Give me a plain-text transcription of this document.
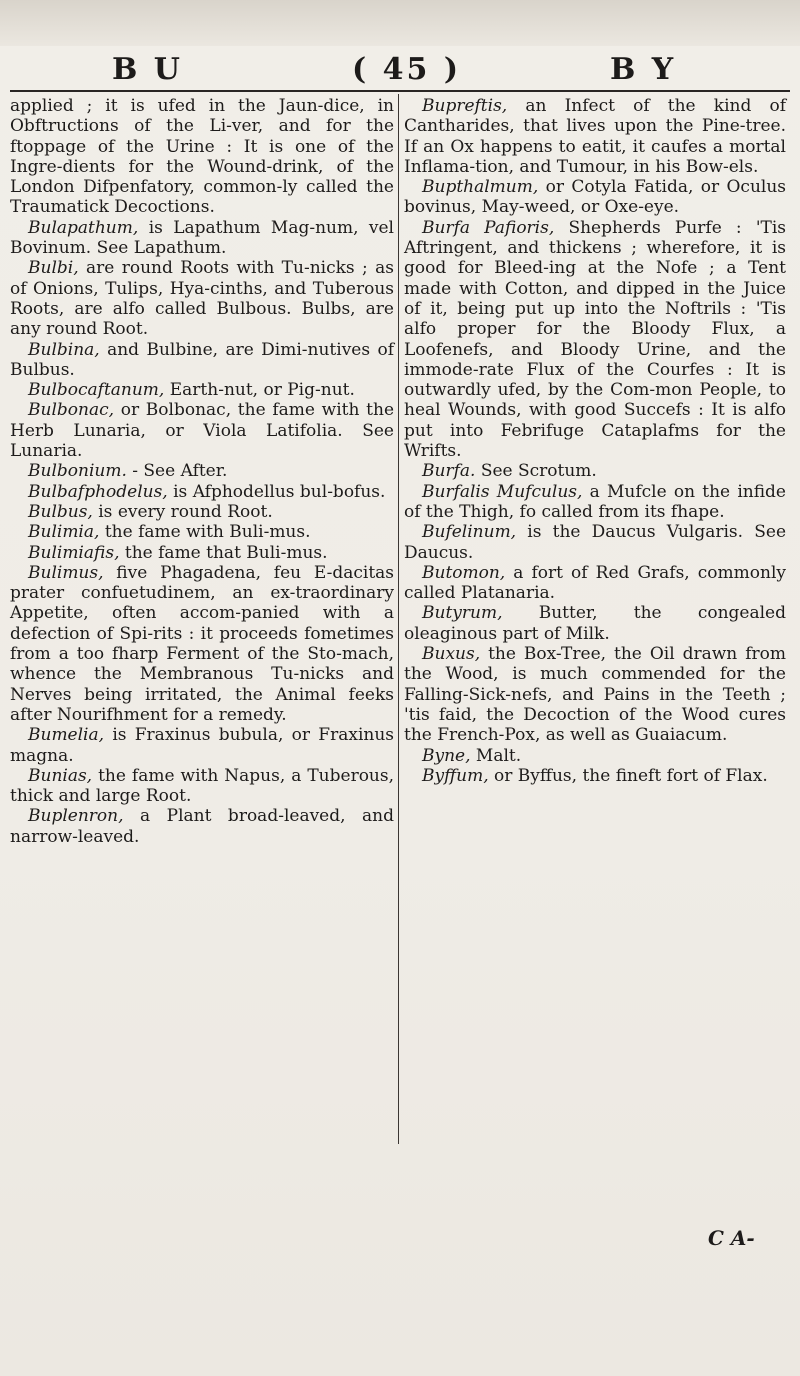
B U	( 45 )	B Y

applied ; it is ufed in the Jaun-dice, in Obftructions of the Li-ver, and for the ftoppage of the Urine : It is one of the Ingre-dients for the Wound-drink, of the London Difpenfatory, common-ly called the Traumatick Decoctions.

Bulapathum, is Lapathum Mag-num, vel Bovinum. See Lapathum.

Bulbi, are round Roots with Tu-nicks ; as of Onions, Tulips, Hya-cinths, and Tuberous Roots, are alfo called Bulbous. Bulbs, are any round Root.

Bulbina, and Bulbine, are Dimi-nutives of Bulbus.

Bulbocaftanum, Earth-nut, or Pig-nut.

Bulbonac, or Bolbonac, the fame with the Herb Lunaria, or Viola Latifolia. See Lunaria.

Bulbonium. - See After.

Bulbafphodelus, is Afphodellus bul-bofus.

Bulbus, is every round Root.

Bulimia, the fame with Buli-mus.

Bulimiafis, the fame that Buli-mus.

Bulimus, five Phagadena, feu E-dacitas prater confuetudinem, an ex-traordinary Appetite, often accom-panied with a defection of Spi-rits : it proceeds fometimes from a too fharp Ferment of the Sto-mach, whence the Membranous Tu-nicks and Nerves being irritated, the Animal feeks after Nourifhment for a remedy.

Bumelia, is Fraxinus bubula, or Fraxinus magna.

Bunias, the fame with Napus, a Tuberous, thick and large Root.

Buplenron, a Plant broad-leaved, and narrow-leaved.

Bupreftis, an Infect of the kind of Cantharides, that lives upon the Pine-tree. If an Ox happens to eatit, it caufes a mortal Inflama-tion, and Tumour, in his Bow-els.

Bupthalmum, or Cotyla Fatida, or Oculus bovinus, May-weed, or Oxe-eye.

Burfa Pafioris, Shepherds Purfe : 'Tis Aftringent, and thickens ; wherefore, it is good for Bleed-ing at the Nofe ; a Tent made with Cotton, and dipped in the Juice of it, being put up into the Noftrils : 'Tis alfo proper for the Bloody Flux, a Loofenefs, and Bloody Urine, and the immode-rate Flux of the Courfes : It is outwardly ufed, by the Com-mon People, to heal Wounds, with good Succefs : It is alfo put into Febrifuge Cataplafms for the Wrifts.

Burfa. See Scrotum.

Burfalis Mufculus, a Mufcle on the infide of the Thigh, fo called from its fhape.

Bufelinum, is the Daucus Vulgaris. See Daucus.

Butomon, a fort of Red Grafs, commonly called Platanaria.

Butyrum, Butter, the congealed oleaginous part of Milk.

Buxus, the Box-Tree, the Oil drawn from the Wood, is much commended for the Falling-Sick-nefs, and Pains in the Teeth ; 'tis faid, the Decoction of the Wood cures the French-Pox, as well as Guaiacum.

Byne, Malt.

Byffum, or Byffus, the fineft fort of Flax.

C A-
